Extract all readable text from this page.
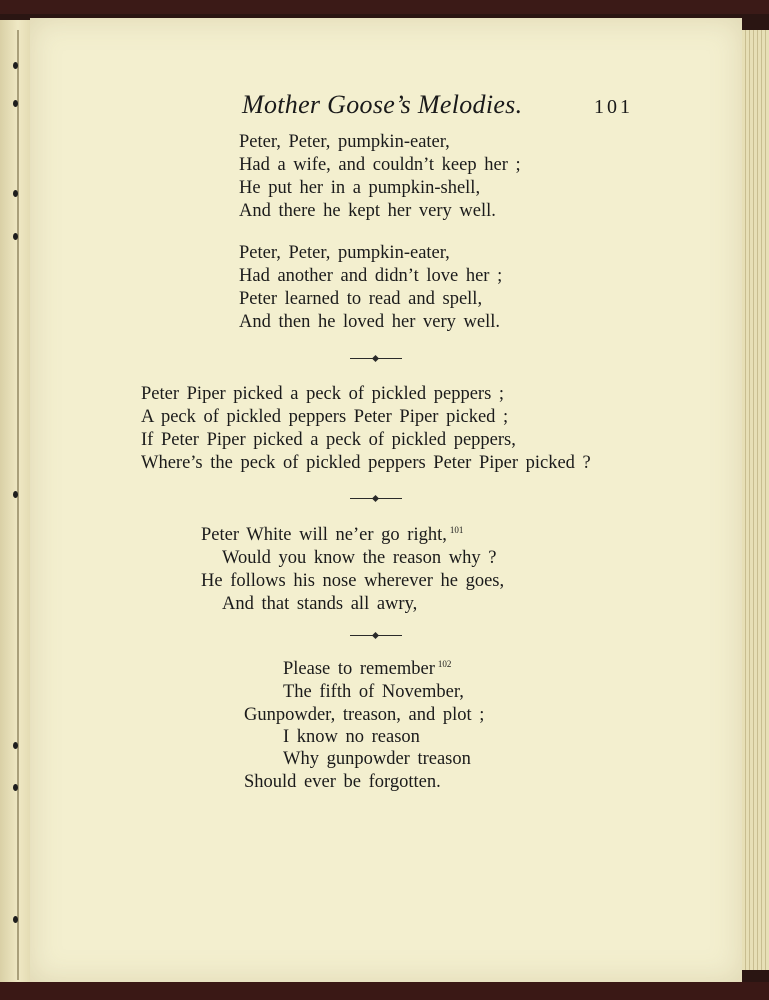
Mother Goose’s Melodies.	101
Peter, Peter, pumpkin-eater,
Had a wife, and couldn’t keep her ;
He put her in a pumpkin-shell,
And there he kept her very well.
Peter, Peter, pumpkin-eater,
Had another and didn’t love her ;
Peter learned to read and spell,
And then he loved her very well.
Peter Piper picked a peck of pickled peppers ;
A peck of pickled peppers Peter Piper picked ;
If Peter Piper picked a peck of pickled peppers,
Where’s the peck of pickled peppers Peter Piper picked ?
Peter White will ne’er go right, $^{101}$
Would you know the reason why ?
He follows his nose wherever he goes,
And that stands all awry,
Please to remember $^{102}$
The fifth of November,
Gunpowder, treason, and plot ;
I know no reason
Why gunpowder treason
Should ever be forgotten.
